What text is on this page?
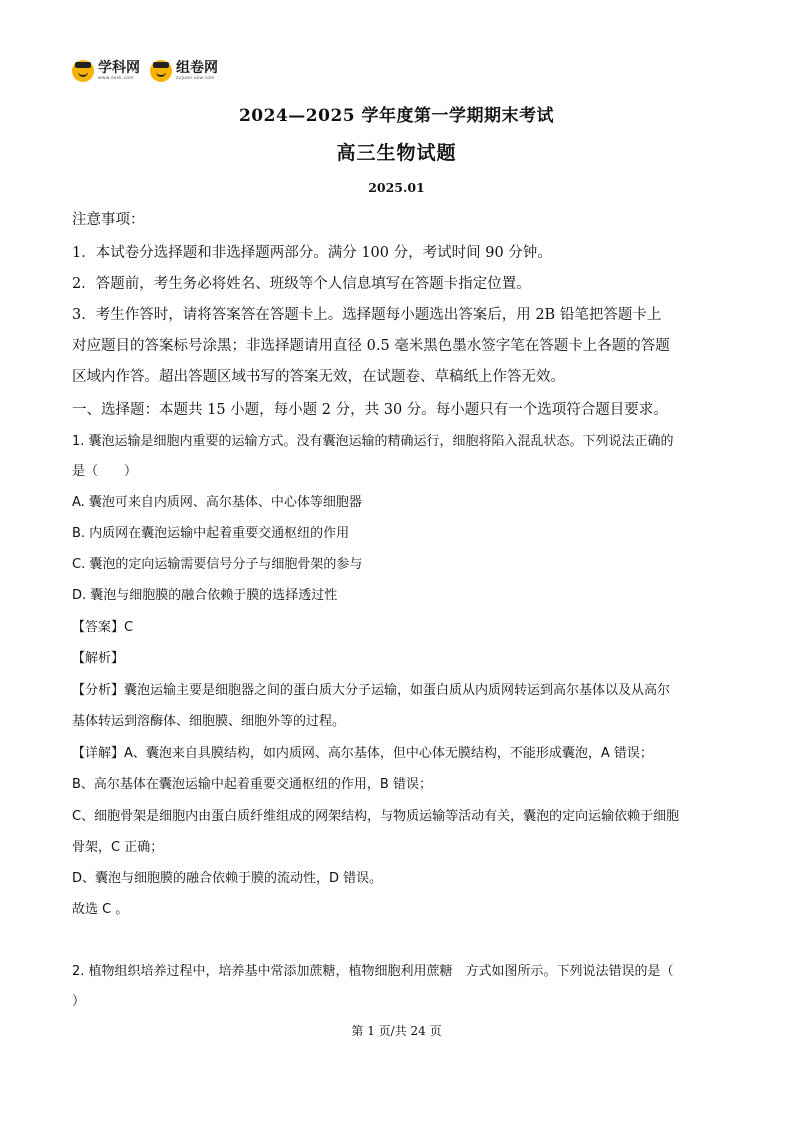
学科网
www.zxxk.com
组卷网
zujuan.xkw.com
2024—2025 学年度第一学期期末考试
高三生物试题
2025.01
注意事项：
1．本试卷分选择题和非选择题两部分。满分 100 分，考试时间 90 分钟。
2．答题前，考生务必将姓名、班级等个人信息填写在答题卡指定位置。
3．考生作答时，请将答案答在答题卡上。选择题每小题选出答案后，用 2B 铅笔把答题卡上
对应题目的答案标号涂黑；非选择题请用直径 0.5 毫米黑色墨水签字笔在答题卡上各题的答题
区域内作答。超出答题区域书写的答案无效，在试题卷、草稿纸上作答无效。
一、选择题：本题共 15 小题，每小题 2 分，共 30 分。每小题只有一个选项符合题目要求。
1. 囊泡运输是细胞内重要的运输方式。没有囊泡运输的精确运行，细胞将陷入混乱状态。下列说法正确的
是（　　）
A. 囊泡可来自内质网、高尔基体、中心体等细胞器
B. 内质网在囊泡运输中起着重要交通枢纽的作用
C. 囊泡的定向运输需要信号分子与细胞骨架的参与
D. 囊泡与细胞膜的融合依赖于膜的选择透过性
【答案】C
【解析】
【分析】囊泡运输主要是细胞器之间的蛋白质大分子运输，如蛋白质从内质网转运到高尔基体以及从高尔
基体转运到溶酶体、细胞膜、细胞外等的过程。
【详解】A、囊泡来自具膜结构，如内质网、高尔基体，但中心体无膜结构，不能形成囊泡，A 错误；
B、高尔基体在囊泡运输中起着重要交通枢纽的作用，B 错误；
C、细胞骨架是细胞内由蛋白质纤维组成的网架结构，与物质运输等活动有关，囊泡的定向运输依赖于细胞
骨架，C 正确；
D、囊泡与细胞膜的融合依赖于膜的流动性，D 错误。
故选 C 。
2. 植物组织培养过程中，培养基中常添加蔗糖，植物细胞利用蔗糖　方式如图所示。下列说法错误的是（
）
第 1 页/共 24 页
